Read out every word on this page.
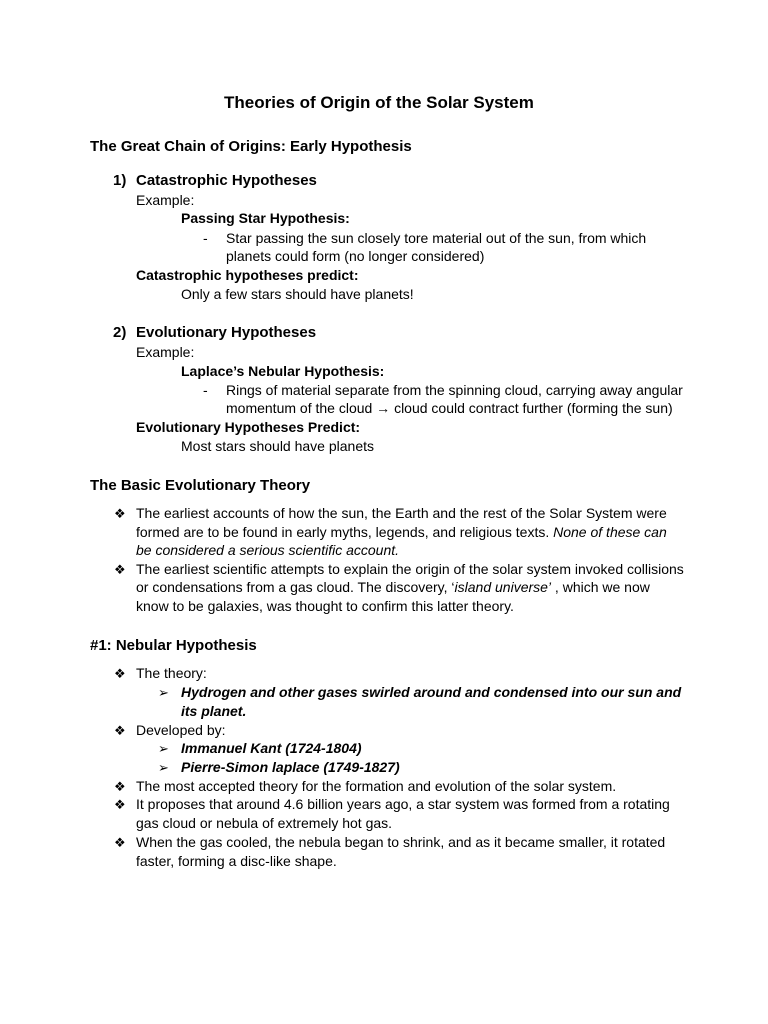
Theories of Origin of the Solar System
The Great Chain of Origins: Early Hypothesis
1) Catastrophic Hypotheses
Example:
Passing Star Hypothesis:
- Star passing the sun closely tore material out of the sun, from which
planets could form (no longer considered)
Catastrophic hypotheses predict:
Only a few stars should have planets!
2) Evolutionary Hypotheses
Example:
Laplace’s Nebular Hypothesis:
- Rings of material separate from the spinning cloud, carrying away angular
momentum of the cloud → cloud could contract further (forming the sun)
Evolutionary Hypotheses Predict:
Most stars should have planets
The Basic Evolutionary Theory
❖ The earliest accounts of how the sun, the Earth and the rest of the Solar System were
formed are to be found in early myths, legends, and religious texts. None of these can
be considered a serious scientific account.
❖ The earliest scientific attempts to explain the origin of the solar system invoked collisions
or condensations from a gas cloud. The discovery, ‘island universe’ , which we now
know to be galaxies, was thought to confirm this latter theory.
#1: Nebular Hypothesis
❖ The theory:
➢ Hydrogen and other gases swirled around and condensed into our sun and
its planet.
❖ Developed by:
➢ Immanuel Kant (1724-1804)
➢ Pierre-Simon laplace (1749-1827)
❖ The most accepted theory for the formation and evolution of the solar system.
❖ It proposes that around 4.6 billion years ago, a star system was formed from a rotating
gas cloud or nebula of extremely hot gas.
❖ When the gas cooled, the nebula began to shrink, and as it became smaller, it rotated
faster, forming a disc-like shape.
